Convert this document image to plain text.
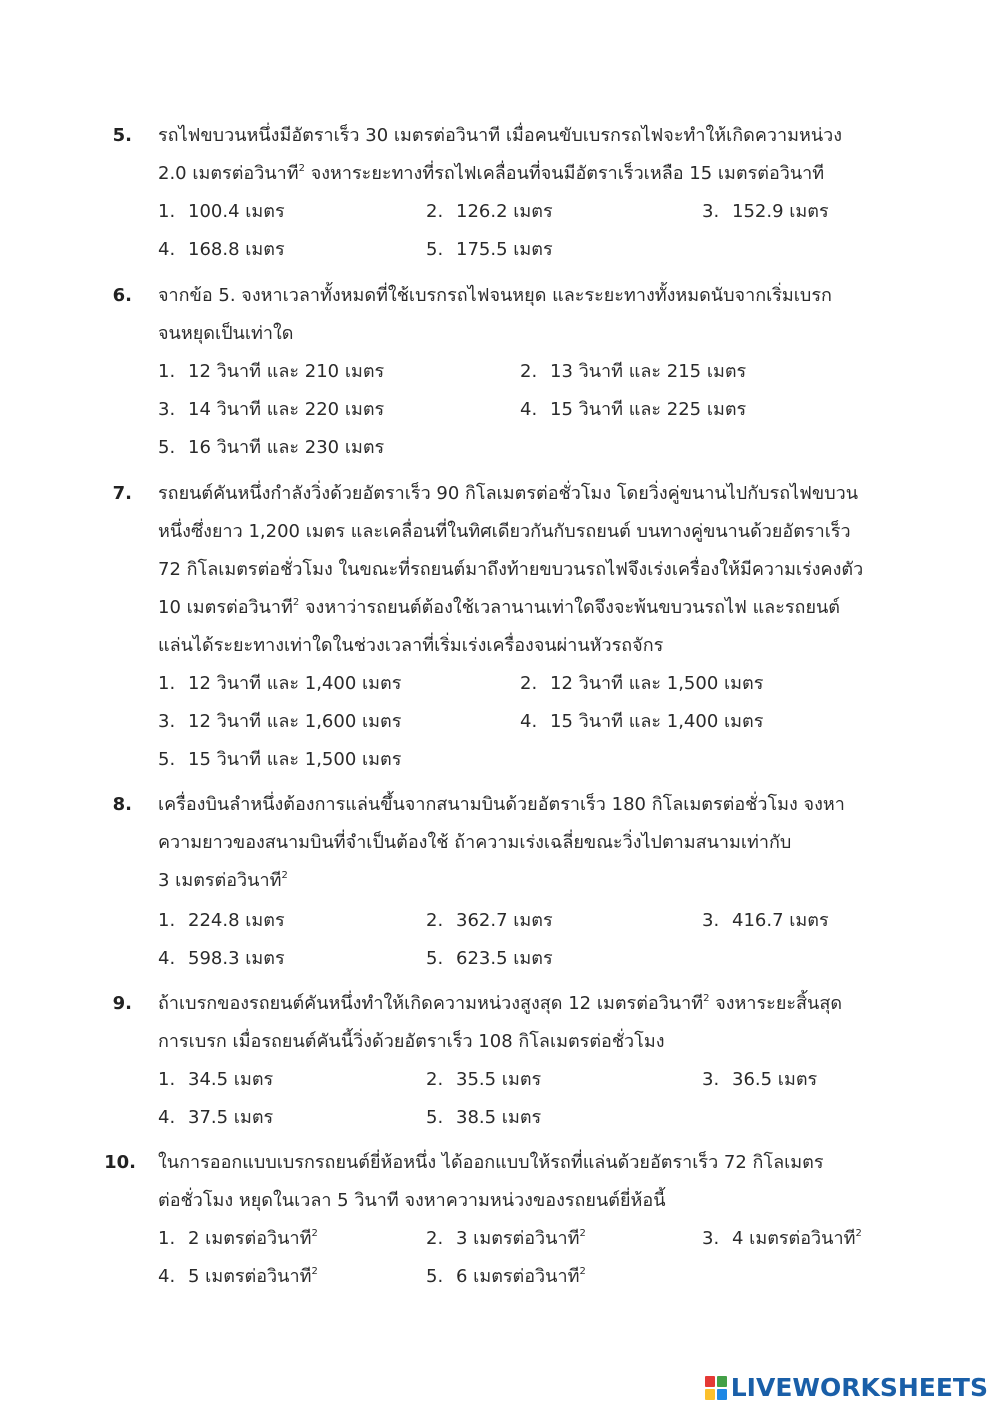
5. รถไฟขบวนหนึ่งมีอัตราเร็ว 30 เมตรต่อวินาที เมื่อคนขับเบรกรถไฟจะทำให้เกิดความหน่วง
2.0 เมตรต่อวินาที$^2$ จงหาระยะทางที่รถไฟเคลื่อนที่จนมีอัตราเร็วเหลือ 15 เมตรต่อวินาที
1. 100.4 เมตร	2. 126.2 เมตร	3. 152.9 เมตร
4. 168.8 เมตร	5. 175.5 เมตร
6. จากข้อ 5. จงหาเวลาทั้งหมดที่ใช้เบรกรถไฟจนหยุด และระยะทางทั้งหมดนับจากเริ่มเบรก
จนหยุดเป็นเท่าใด
1. 12 วินาที และ 210 เมตร	2. 13 วินาที และ 215 เมตร
3. 14 วินาที และ 220 เมตร	4. 15 วินาที และ 225 เมตร
5. 16 วินาที และ 230 เมตร
7. รถยนต์คันหนึ่งกำลังวิ่งด้วยอัตราเร็ว 90 กิโลเมตรต่อชั่วโมง โดยวิ่งคู่ขนานไปกับรถไฟขบวน
หนึ่งซึ่งยาว 1,200 เมตร และเคลื่อนที่ในทิศเดียวกันกับรถยนต์ บนทางคู่ขนานด้วยอัตราเร็ว
72 กิโลเมตรต่อชั่วโมง ในขณะที่รถยนต์มาถึงท้ายขบวนรถไฟจึงเร่งเครื่องให้มีความเร่งคงตัว
10 เมตรต่อวินาที$^2$ จงหาว่ารถยนต์ต้องใช้เวลานานเท่าใดจึงจะพ้นขบวนรถไฟ และรถยนต์
แล่นได้ระยะทางเท่าใดในช่วงเวลาที่เริ่มเร่งเครื่องจนผ่านหัวรถจักร
1. 12 วินาที และ 1,400 เมตร	2. 12 วินาที และ 1,500 เมตร
3. 12 วินาที และ 1,600 เมตร	4. 15 วินาที และ 1,400 เมตร
5. 15 วินาที และ 1,500 เมตร
8. เครื่องบินลำหนึ่งต้องการแล่นขึ้นจากสนามบินด้วยอัตราเร็ว 180 กิโลเมตรต่อชั่วโมง จงหา
ความยาวของสนามบินที่จำเป็นต้องใช้ ถ้าความเร่งเฉลี่ยขณะวิ่งไปตามสนามเท่ากับ
3 เมตรต่อวินาที$^2$
1. 224.8 เมตร	2. 362.7 เมตร	3. 416.7 เมตร
4. 598.3 เมตร	5. 623.5 เมตร
9. ถ้าเบรกของรถยนต์คันหนึ่งทำให้เกิดความหน่วงสูงสุด 12 เมตรต่อวินาที$^2$ จงหาระยะสิ้นสุด
การเบรก เมื่อรถยนต์คันนี้วิ่งด้วยอัตราเร็ว 108 กิโลเมตรต่อชั่วโมง
1. 34.5 เมตร	2. 35.5 เมตร	3. 36.5 เมตร
4. 37.5 เมตร	5. 38.5 เมตร
10. ในการออกแบบเบรกรถยนต์ยี่ห้อหนึ่ง ได้ออกแบบให้รถที่แล่นด้วยอัตราเร็ว 72 กิโลเมตร
ต่อชั่วโมง หยุดในเวลา 5 วินาที จงหาความหน่วงของรถยนต์ยี่ห้อนี้
1. 2 เมตรต่อวินาที$^2$	2. 3 เมตรต่อวินาที$^2$	3. 4 เมตรต่อวินาที$^2$
4. 5 เมตรต่อวินาที$^2$	5. 6 เมตรต่อวินาที$^2$
LIVEWORKSHEETS
